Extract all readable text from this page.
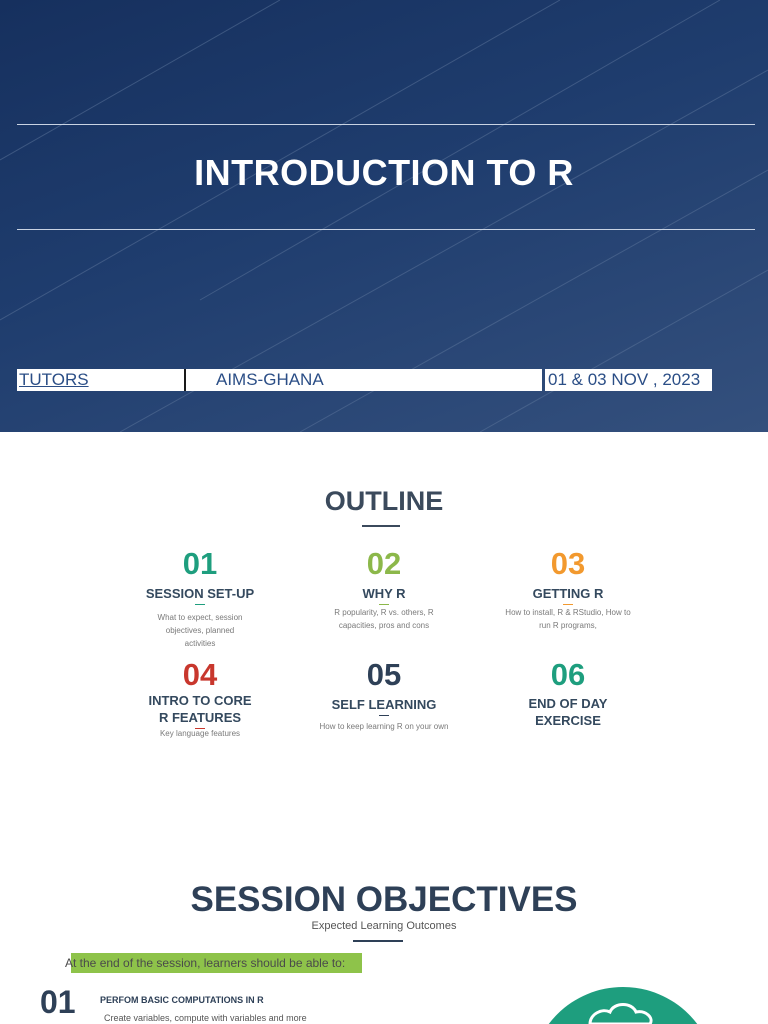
INTRODUCTION TO R
TUTORS	AIMS-GHANA	01 & 03 NOV , 2023
OUTLINE
01
SESSION SET-UP
What to expect, session objectives, planned activities
02
WHY R
R popularity, R vs. others, R capacities, pros and cons
03
GETTING R
How to install, R & RStudio, How to run R programs,
04
INTRO TO CORE R FEATURES
Key language features
05
SELF LEARNING
How to keep learning R on your own
06
END OF DAY EXERCISE
SESSION OBJECTIVES
Expected Learning Outcomes
At the end of the session, learners should be able to:
01	PERFOM BASIC COMPUTATIONS IN R
Create variables, compute with variables and more
